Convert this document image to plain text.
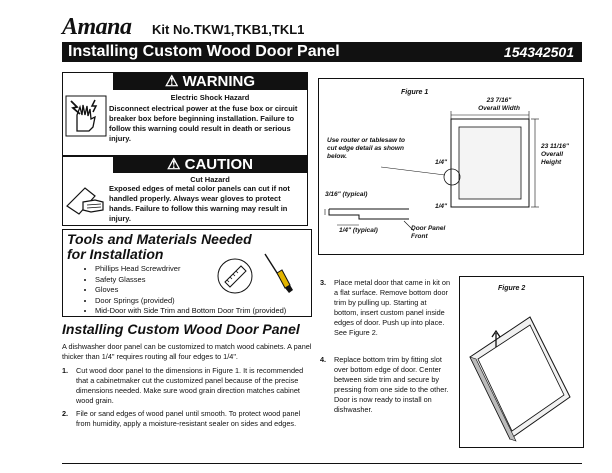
Amana Kit No.TKW1,TKB1,TKL1
Installing Custom Wood Door Panel	154342501
⚠ WARNING
Electric Shock Hazard
Disconnect electrical power at the fuse box or circuit breaker box before beginning installation. Failure to follow this warning could result in death or serious injury.
⚠ CAUTION
Cut Hazard
Exposed edges of metal color panels can cut if not handled properly. Always wear gloves to protect hands. Failure to follow this warning may result in injury.
Tools and Materials Needed for Installation
• Phillips Head Screwdriver
• Safety Glasses
• Gloves
• Door Springs (provided)
• Mid-Door with Side Trim and Bottom Door Trim (provided)
Installing Custom Wood Door Panel
A dishwasher door panel can be customized to match wood cabinets. A panel thicker than 1/4" requires routing all four edges to 1/4".
1. Cut wood door panel to the dimensions in Figure 1. It is recommended that a cabinetmaker cut the customized panel because of the precise dimensions needed. Make sure wood grain direction matches cabinet wood grain.
2. File or sand edges of wood panel until smooth. To protect wood panel from humidity, apply a moisture-resistant sealer on sides and edges.
3. Place metal door that came in kit on a flat surface. Remove bottom door trim by pulling up. Starting at bottom, insert custom panel inside edges of door. Push up into place. See Figure 2.
4. Replace bottom trim by fitting slot over bottom edge of door. Center between side trim and secure by pressing from one side to the other. Door is now ready to install on dishwasher.
Figure 1
Use router or tablesaw to cut edge detail as shown below.
23 7/16"
Overall Width
23 11/16"
Overall Height
1/4"
1/4"
3/16" (typical)
1/4" (typical)	Door Panel Front
Figure 2
